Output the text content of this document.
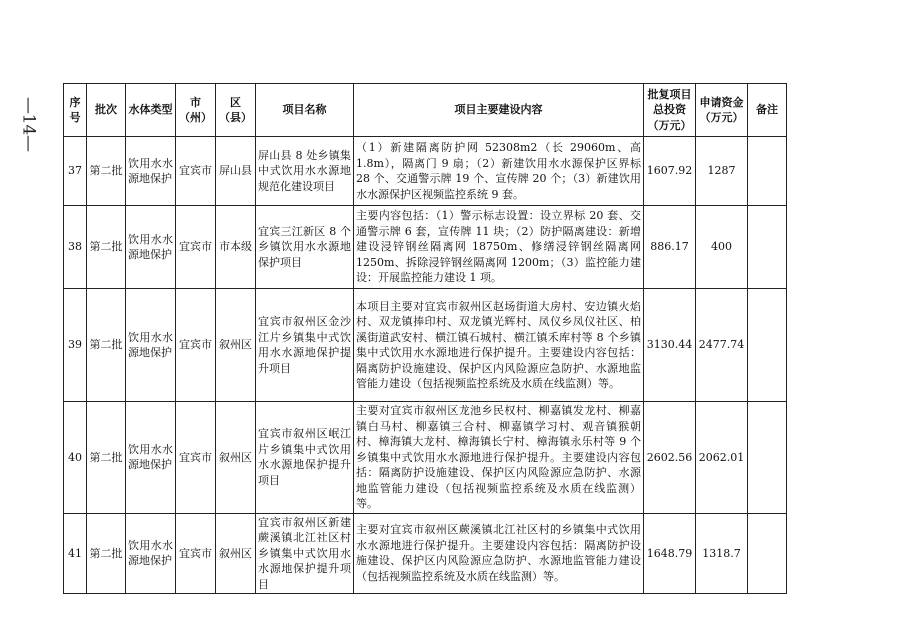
—
14
—
序号	批次	水体类型	市（州）	区（县）	项目名称	项目主要建设内容	批复项目总投资（万元）	申请资金（万元）	备注
37	第二批	饮用水水源地保护	宜宾市	屏山县	屏山县 8 处乡镇集中式饮用水水源地规范化建设项目	（1）新建隔离防护网 52308m2（长 29060m、高 1.8m），隔离门 9 扇；（2）新建饮用水水源保护区界标 28 个、交通警示牌 19 个、宣传牌 20 个；（3）新建饮用水水源保护区视频监控系统 9 套。	1607.92	1287	
38	第二批	饮用水水源地保护	宜宾市	市本级	宜宾三江新区 8 个乡镇饮用水水源地保护项目	主要内容包括：（1）警示标志设置：设立界标 20 套、交通警示牌 6 套，宣传牌 11 块；（2）防护隔离建设：新增建设浸锌钢丝隔离网 18750m、修缮浸锌钢丝隔离网 1250m、拆除浸锌钢丝隔离网 1200m；（3）监控能力建设：开展监控能力建设 1 项。	886.17	400	
39	第二批	饮用水水源地保护	宜宾市	叙州区	宜宾市叙州区金沙江片乡镇集中式饮用水水源地保护提升项目	本项目主要对宜宾市叙州区赵场街道大房村、安边镇火焰村、双龙镇捧印村、双龙镇光辉村、凤仪乡凤仪社区、柏溪街道武安村、横江镇石城村、横江镇禾库村等 8 个乡镇集中式饮用水水源地进行保护提升。主要建设内容包括：隔离防护设施建设、保护区内风险源应急防护、水源地监管能力建设（包括视频监控系统及水质在线监测）等。	3130.44	2477.74	
40	第二批	饮用水水源地保护	宜宾市	叙州区	宜宾市叙州区岷江片乡镇集中式饮用水水源地保护提升项目	主要对宜宾市叙州区龙池乡民权村、柳嘉镇发龙村、柳嘉镇白马村、柳嘉镇三合村、柳嘉镇学习村、观音镇猴朝村、樟海镇大龙村、樟海镇长宁村、樟海镇永乐村等 9 个乡镇集中式饮用水水源地进行保护提升。主要建设内容包括：隔离防护设施建设、保护区内风险源应急防护、水源地监管能力建设（包括视频监控系统及水质在线监测）等。	2602.56	2062.01	
41	第二批	饮用水水源地保护	宜宾市	叙州区	宜宾市叙州区新建蕨溪镇北江社区村乡镇集中式饮用水水源地保护提升项目	主要对宜宾市叙州区蕨溪镇北江社区村的乡镇集中式饮用水水源地进行保护提升。主要建设内容包括：隔离防护设施建设、保护区内风险源应急防护、水源地监管能力建设（包括视频监控系统及水质在线监测）等。	1648.79	1318.7	
